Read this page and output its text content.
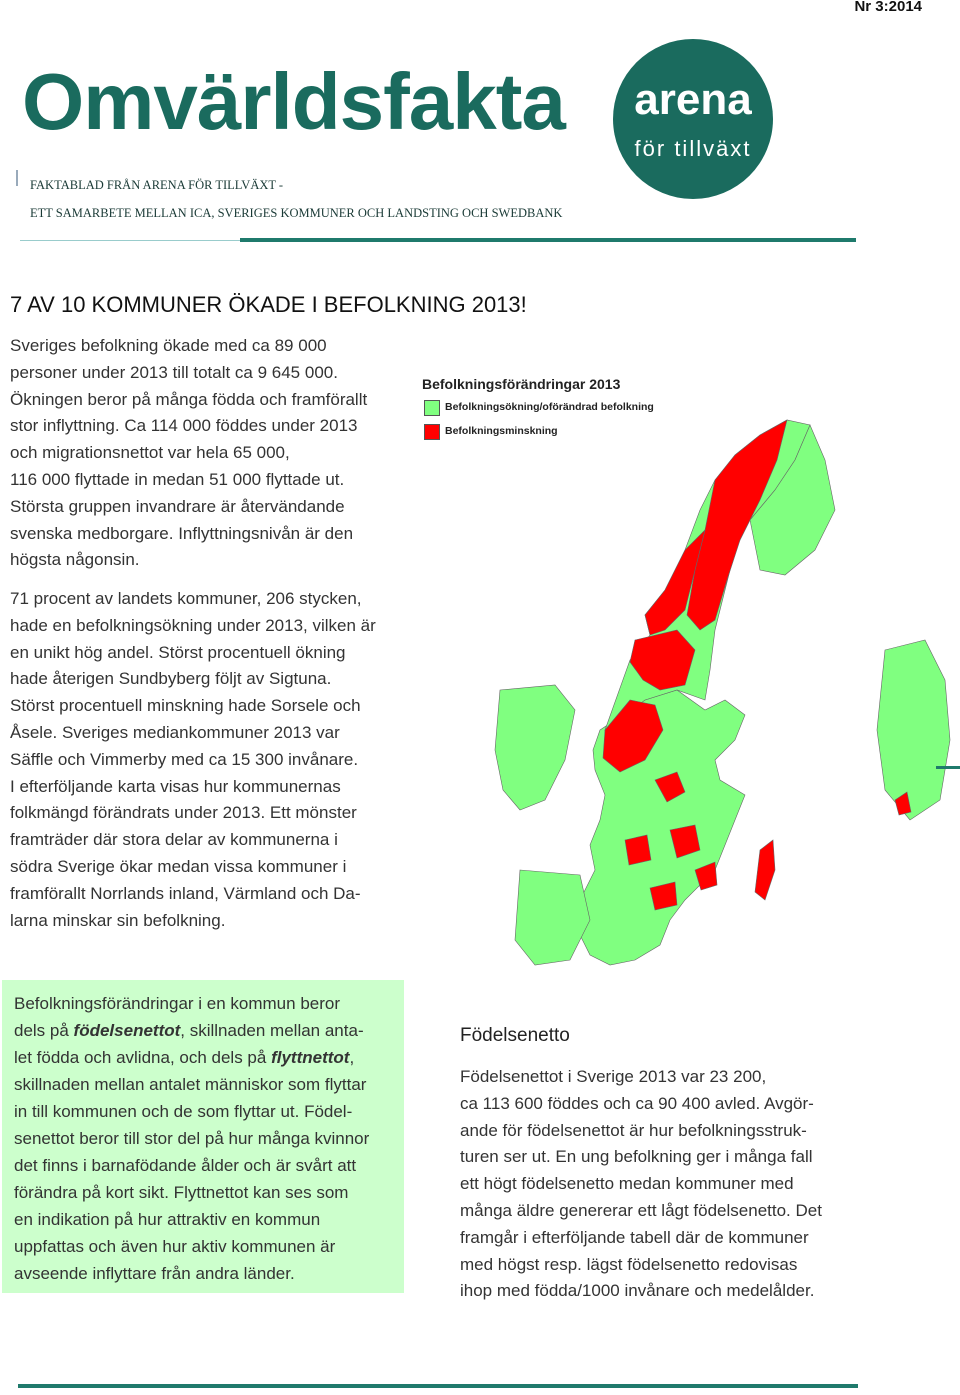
Nr 3:2014
Omvärldsfakta arena
för tillväxt
FAKTABLAD FRÅN ARENA FÖR TILLVÄXT -
ETT SAMARBETE MELLAN ICA, SVERIGES KOMMUNER OCH LANDSTING OCH SWEDBANK
7 AV 10 KOMMUNER ÖKADE I BEFOLKNING 2013!
Sveriges befolkning ökade med ca 89 000
personer under 2013 till totalt ca 9 645 000.
Ökningen beror på många födda och framförallt
stor inflyttning. Ca 114 000 föddes under 2013
och migrationsnettot var hela 65 000,
116 000 flyttade in medan 51 000 flyttade ut.
Största gruppen invandrare är återvändande
svenska medborgare. Inflyttningsnivån är den
högsta någonsin.
71 procent av landets kommuner, 206 stycken,
hade en befolkningsökning under 2013, vilken är
en unikt hög andel. Störst procentuell ökning
hade återigen Sundbyberg följt av Sigtuna.
Störst procentuell minskning hade Sorsele och
Åsele. Sveriges mediankommuner 2013 var
Säffle och Vimmerby med ca 15 300 invånare.
I efterföljande karta visas hur kommunernas
folkmängd förändrats under 2013. Ett mönster
framträder där stora delar av kommunerna i
södra Sverige ökar medan vissa kommuner i
framförallt Norrlands inland, Värmland och Da-
larna minskar sin befolkning.
Befolkningsförändringar 2013
Befolkningsökning/oförändrad befolkning
Befolkningsminskning
Befolkningsförändringar i en kommun beror
dels på födelsenettot, skillnaden mellan anta-
let födda och avlidna, och dels på flyttnettot,
skillnaden mellan antalet människor som flyttar
in till kommunen och de som flyttar ut. Födel-
senettot beror till stor del på hur många kvinnor
det finns i barnafödande ålder och är svårt att
förändra på kort sikt. Flyttnettot kan ses som
en indikation på hur attraktiv en kommun
uppfattas och även hur aktiv kommunen är
avseende inflyttare från andra länder.
Födelsenetto
Födelsenettot i Sverige 2013 var 23 200,
ca 113 600 föddes och ca 90 400 avled. Avgör-
ande för födelsenettot är hur befolkningsstruk-
turen ser ut. En ung befolkning ger i många fall
ett högt födelsenetto medan kommuner med
många äldre genererar ett lågt födelsenetto. Det
framgår i efterföljande tabell där de kommuner
med högst resp. lägst födelsenetto redovisas
ihop med födda/1000 invånare och medelålder.
